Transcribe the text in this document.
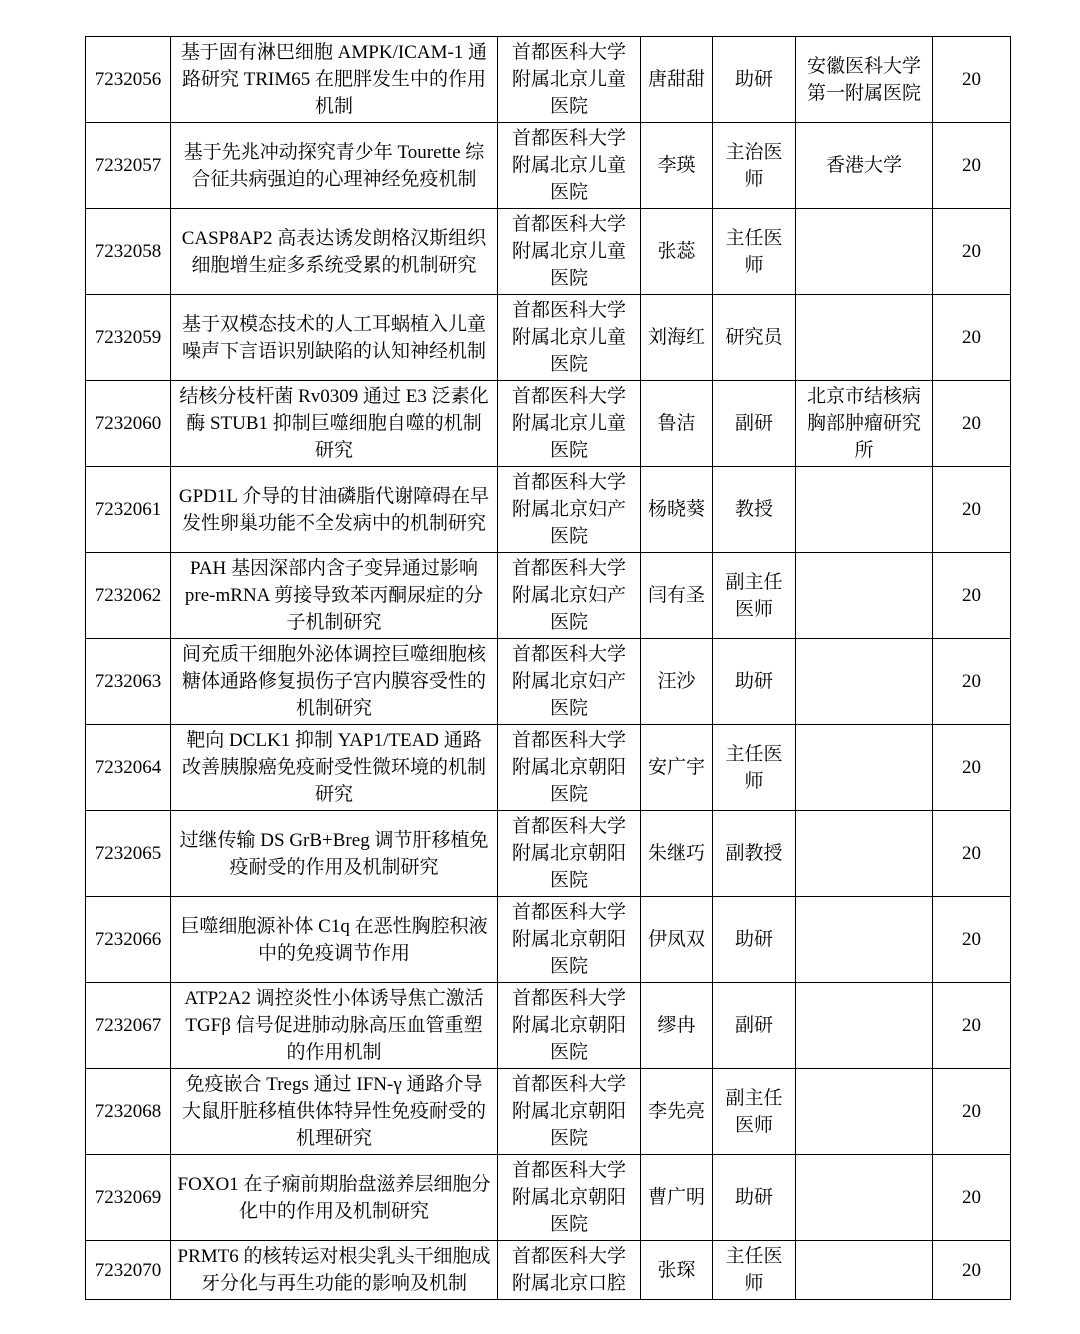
7232056	基于固有淋巴细胞 AMPK/ICAM-1 通路研究 TRIM65 在肥胖发生中的作用机制	首都医科大学附属北京儿童医院	唐甜甜	助研	安徽医科大学第一附属医院	20
7232057	基于先兆冲动探究青少年 Tourette 综合征共病强迫的心理神经免疫机制	首都医科大学附属北京儿童医院	李瑛	主治医师	香港大学	20
7232058	CASP8AP2 高表达诱发朗格汉斯组织细胞增生症多系统受累的机制研究	首都医科大学附属北京儿童医院	张蕊	主任医师		20
7232059	基于双模态技术的人工耳蜗植入儿童噪声下言语识别缺陷的认知神经机制	首都医科大学附属北京儿童医院	刘海红	研究员		20
7232060	结核分枝杆菌 Rv0309 通过 E3 泛素化酶 STUB1 抑制巨噬细胞自噬的机制研究	首都医科大学附属北京儿童医院	鲁洁	副研	北京市结核病胸部肿瘤研究所	20
7232061	GPD1L 介导的甘油磷脂代谢障碍在早发性卵巢功能不全发病中的机制研究	首都医科大学附属北京妇产医院	杨晓葵	教授		20
7232062	PAH 基因深部内含子变异通过影响 pre-mRNA 剪接导致苯丙酮尿症的分子机制研究	首都医科大学附属北京妇产医院	闫有圣	副主任医师		20
7232063	间充质干细胞外泌体调控巨噬细胞核糖体通路修复损伤子宫内膜容受性的机制研究	首都医科大学附属北京妇产医院	汪沙	助研		20
7232064	靶向 DCLK1 抑制 YAP1/TEAD 通路改善胰腺癌免疫耐受性微环境的机制研究	首都医科大学附属北京朝阳医院	安广宇	主任医师		20
7232065	过继传输 DS GrB+Breg 调节肝移植免疫耐受的作用及机制研究	首都医科大学附属北京朝阳医院	朱继巧	副教授		20
7232066	巨噬细胞源补体 C1q 在恶性胸腔积液中的免疫调节作用	首都医科大学附属北京朝阳医院	伊凤双	助研		20
7232067	ATP2A2 调控炎性小体诱导焦亡激活 TGFβ 信号促进肺动脉高压血管重塑的作用机制	首都医科大学附属北京朝阳医院	缪冉	副研		20
7232068	免疫嵌合 Tregs 通过 IFN-γ 通路介导大鼠肝脏移植供体特异性免疫耐受的机理研究	首都医科大学附属北京朝阳医院	李先亮	副主任医师		20
7232069	FOXO1 在子痫前期胎盘滋养层细胞分化中的作用及机制研究	首都医科大学附属北京朝阳医院	曹广明	助研		20
7232070	PRMT6 的核转运对根尖乳头干细胞成牙分化与再生功能的影响及机制	首都医科大学附属北京口腔	张琛	主任医师		20
